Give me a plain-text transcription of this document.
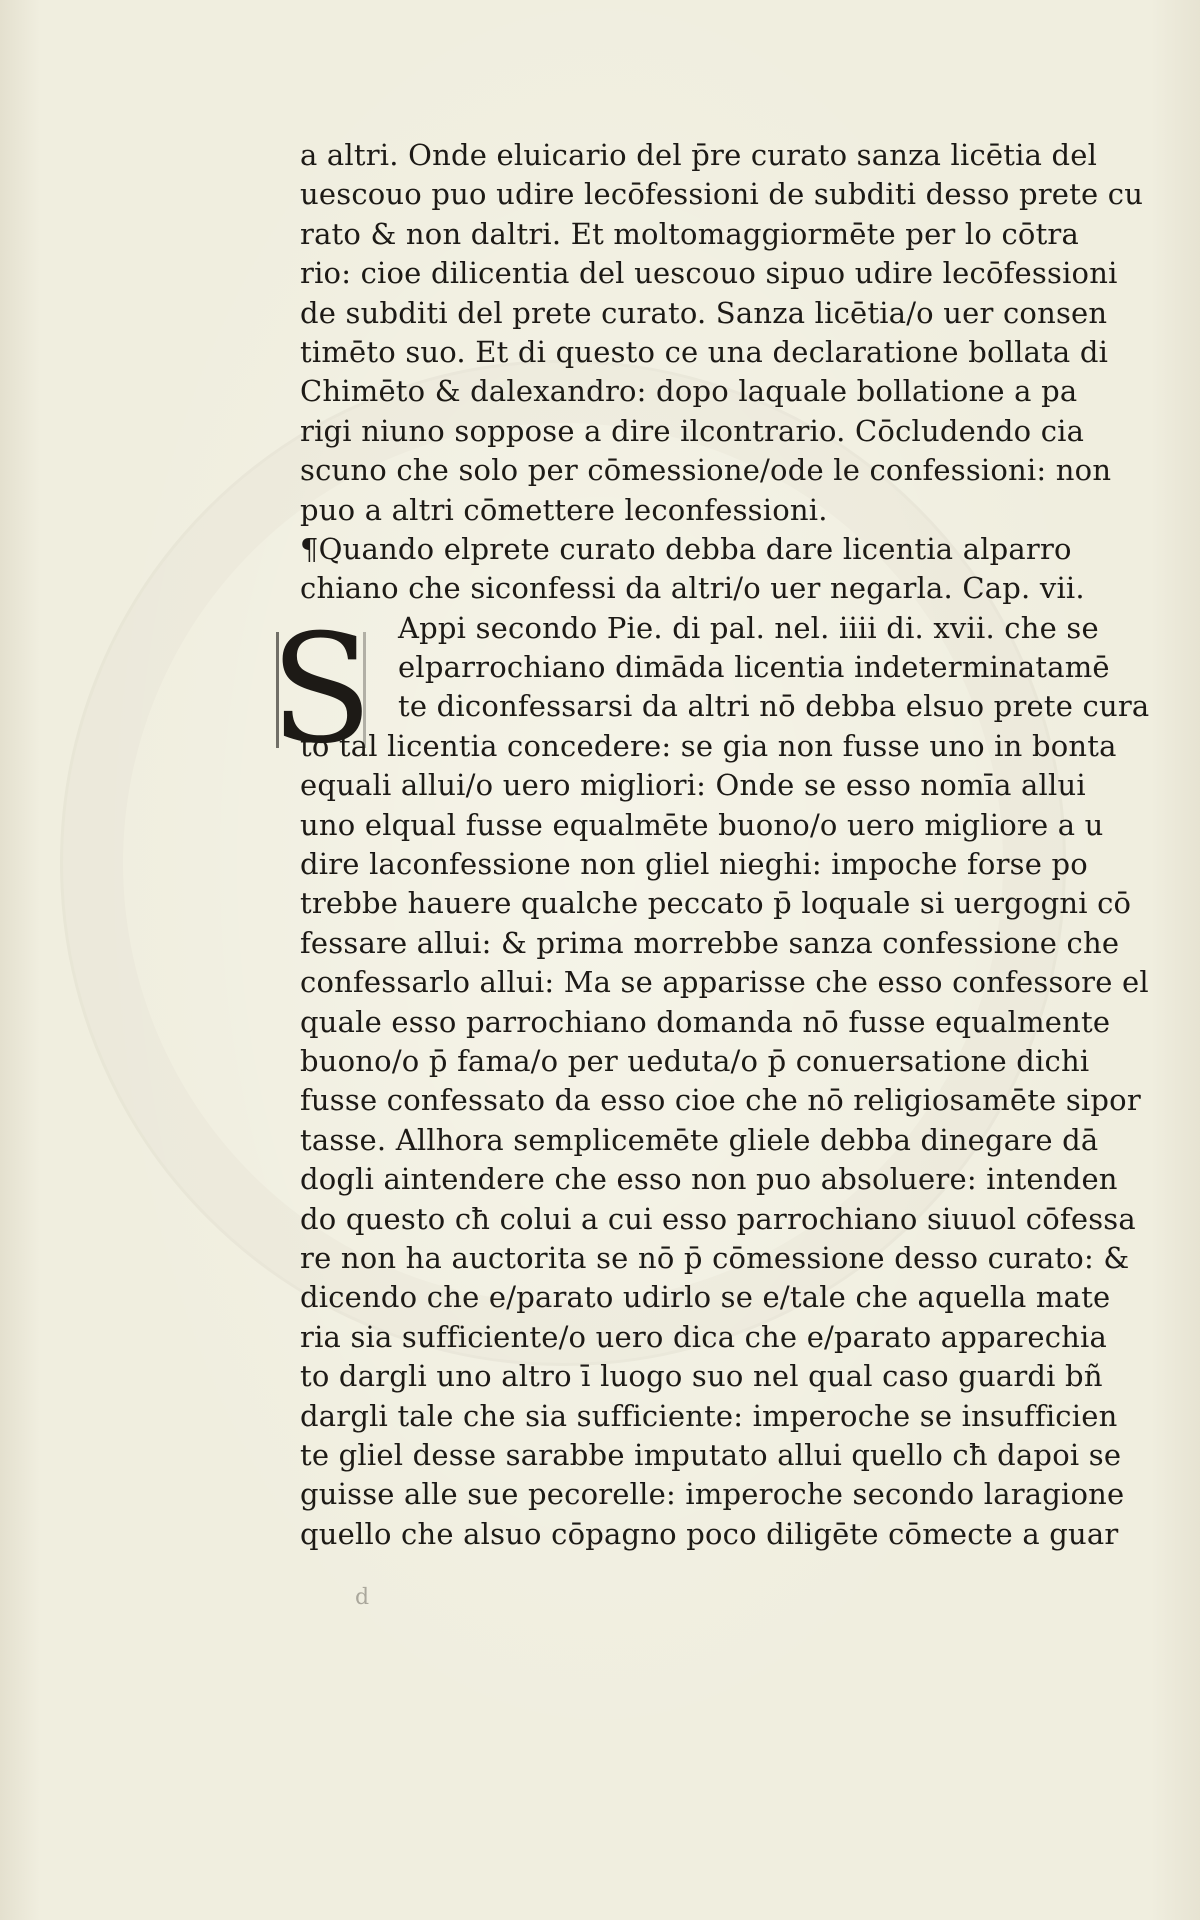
S
a altri. Onde eluicario del p̄re curato sanza licētia del
uescouo puo udire lecōfessioni de subditi desso prete cu
rato & non daltri. Et moltomaggiormēte per lo cōtra
rio: cioe dilicentia del uescouo sipuo udire lecōfessioni
de subditi del prete curato. Sanza licētia/o uer consen
timēto suo. Et di questo ce una declaratione bollata di
Chimēto & dalexandro: dopo laquale bollatione a pa
rigi niuno soppose a dire ilcontrario. Cōcludendo cia
scuno che solo per cōmessione/ode le confessioni: non
puo a altri cōmettere leconfessioni.
¶Quando elprete curato debba dare licentia alparro
chiano che siconfessi da altri/o uer negarla. Cap. vii.
Appi secondo Pie. di pal. nel. iiii di. xvii. che se
elparrochiano dimāda licentia indeterminatamē
te diconfessarsi da altri nō debba elsuo prete cura
to tal licentia concedere: se gia non fusse uno in bonta
equali allui/o uero migliori: Onde se esso nomīa allui
uno elqual fusse equalmēte buono/o uero migliore a u
dire laconfessione non gliel nieghi: impoche forse po
trebbe hauere qualche peccato p̄ loquale si uergogni cō
fessare allui: & prima morrebbe sanza confessione che
confessarlo allui: Ma se apparisse che esso confessore el
quale esso parrochiano domanda nō fusse equalmente
buono/o p̄ fama/o per ueduta/o p̄ conuersatione dichi
fusse confessato da esso cioe che nō religiosamēte sipor
tasse. Allhora semplicemēte gliele debba dinegare dā
dogli aintendere che esso non puo absoluere: intenden
do questo cħ colui a cui esso parrochiano siuuol cōfessa
re non ha auctorita se nō p̄ cōmessione desso curato: &
dicendo che e/parato udirlo se e/tale che aquella mate
ria sia sufficiente/o uero dica che e/parato apparechia
to dargli uno altro ī luogo suo nel qual caso guardi bñ
dargli tale che sia sufficiente: imperoche se insufficien
te gliel desse sarabbe imputato allui quello cħ dapoi se
guisse alle sue pecorelle: imperoche secondo laragione
quello che alsuo cōpagno poco diligēte cōmecte a guar
d
